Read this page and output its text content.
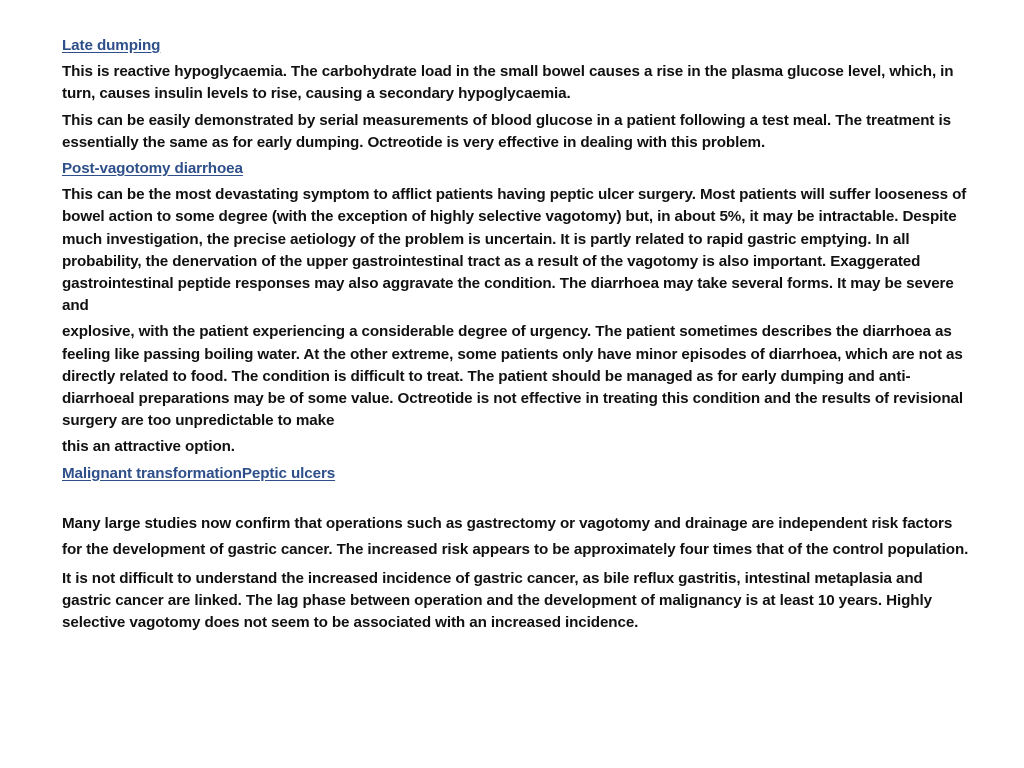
Late dumping
This is reactive hypoglycaemia. The carbohydrate load in the small bowel causes a rise in the plasma glucose level, which, in turn, causes insulin levels to rise, causing a secondary hypoglycaemia.
This can be easily demonstrated by serial measurements of blood glucose in a patient following a test meal. The treatment is essentially the same as for early dumping. Octreotide is very effective in dealing with this problem.
Post-vagotomy diarrhoea
This can be the most devastating symptom to afflict patients having peptic ulcer surgery. Most patients will suffer looseness of bowel action to some degree (with the exception of highly selective vagotomy) but, in about 5%, it may be intractable. Despite much investigation, the precise aetiology of the problem is uncertain. It is partly related to rapid gastric emptying. In all probability, the denervation of the upper gastrointestinal tract as a result of the vagotomy is also important. Exaggerated gastrointestinal peptide responses may also aggravate the condition. The diarrhoea may take several forms. It may be severe and
explosive, with the patient experiencing a considerable degree of urgency. The patient sometimes describes the diarrhoea as feeling like passing boiling water. At the other extreme, some patients only have minor episodes of diarrhoea, which are not as directly related to food. The condition is difficult to treat. The patient should be managed as for early dumping and anti-diarrhoeal preparations may be of some value. Octreotide is not effective in treating this condition and the results of revisional surgery are too unpredictable to make
this an attractive option.
Malignant transformationPeptic ulcers
Many large studies now confirm that operations such as gastrectomy or vagotomy and drainage are independent risk factors for the development of gastric cancer. The increased risk appears to be approximately four times that of the control population.
It is not difficult to understand the increased incidence of gastric cancer, as bile reflux gastritis, intestinal metaplasia and gastric cancer are linked. The lag phase between operation and the development of malignancy is at least 10 years. Highly selective vagotomy does not seem to be associated with an increased incidence.
